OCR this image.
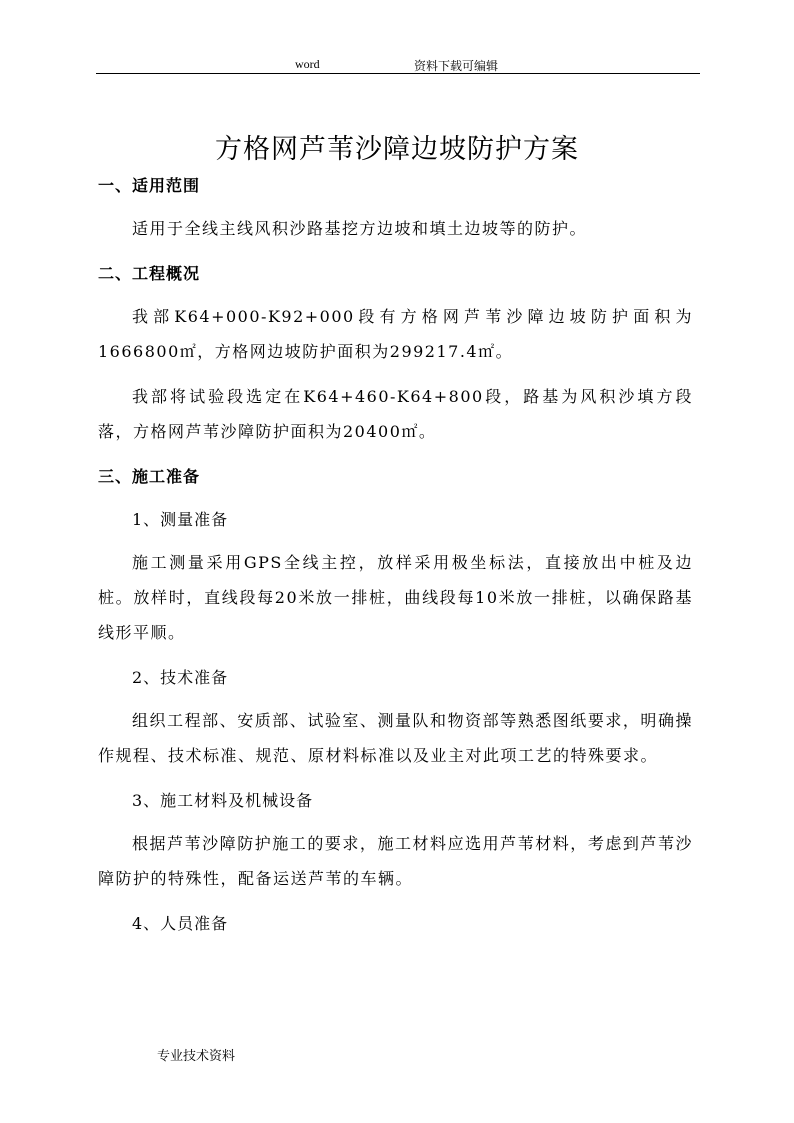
word	资料下载可编辑
方格网芦苇沙障边坡防护方案
一、适用范围
适用于全线主线风积沙路基挖方边坡和填土边坡等的防护。
二、工程概况
我部K64+000-K92+000段有方格网芦苇沙障边坡防护面积为1666800㎡，方格网边坡防护面积为299217.4㎡。
我部将试验段选定在K64+460-K64+800段，路基为风积沙填方段落，方格网芦苇沙障防护面积为20400㎡。
三、施工准备
1、测量准备
施工测量采用GPS全线主控，放样采用极坐标法，直接放出中桩及边桩。放样时，直线段每20米放一排桩，曲线段每10米放一排桩，以确保路基线形平顺。
2、技术准备
组织工程部、安质部、试验室、测量队和物资部等熟悉图纸要求，明确操作规程、技术标准、规范、原材料标准以及业主对此项工艺的特殊要求。
3、施工材料及机械设备
根据芦苇沙障防护施工的要求，施工材料应选用芦苇材料，考虑到芦苇沙障防护的特殊性，配备运送芦苇的车辆。
4、人员准备
专业技术资料
